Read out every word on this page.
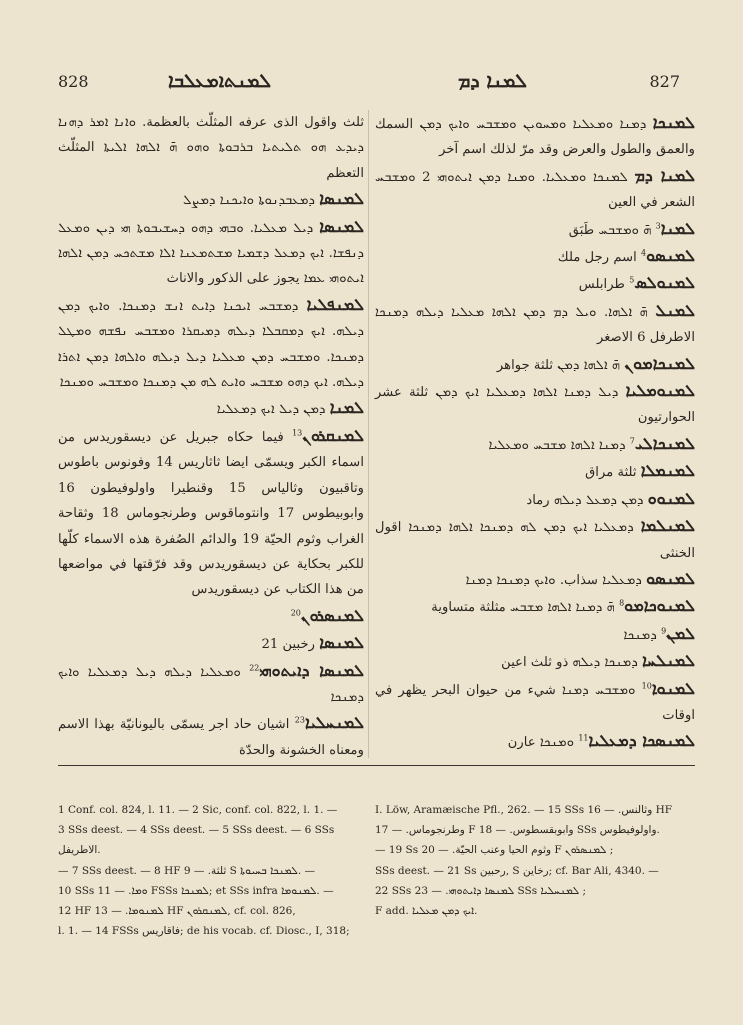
828	ܠܡܢܬܐܡܥܠܒܐ	ܠܡܢܐ ܕܡ	827

ثلث واقول الذى عرفه المثلّث بالعظمة. ܘܐܢܐ ܐܡܪ ܕܗܢܐ ܕܝܕܥ ܗܘ ܬܠܝܬܝܐ ܒܪܒܘܬܐ ܘܗܘ ܗ̄ ܐܠܗܐ ܐܠܝܬܐ المثلّث التعظم

ܠܡܢܣܐ ܕܡܥܒܕܢܘܬܐ ܘܐܝܟܢܐ ܕܡܨܠ

ܠܡܢܣܐ ܕܝܠ ܡܥܠܝܐ. ܘܒܗܝ ܕܗܘ ܕܚܫܝܒܘܬܐ ܗܝ ܕܝܢ ܘܡܥܠ ܕܢܦܫܐ. ܐܝܟ ܕܡܥܠ ܕܫܡܝܐ ܡܫܬܡܥܢܐ ܐܠܐ ܡܫܬܟܚ ܕܡܢ ܐܠܗܐ ܐܝܬܘܗܝ ܥܡܐ يجوز على الذكور والاناث

ܠܡܢܦܠܝܐ ܕܡܫܒܚ ܐܝܟܢܐ ܕܐܝܬ ܐܢܫ ܕܡܢܟܐ. ܘܐܝܟ ܕܡܢ ܕܝܠܗ. ܐܝܟ ܕܡܩܒܠܐ ܕܝܠܗ ܕܡܝܩܪܐ ܘܡܫܒܚ ܢܦܫܗ ܘܡܛܠ ܕܡܢܟܐ. ܘܡܫܒܚ ܕܡܢ ܡܥܠܝܐ ܕܝܠ ܕܝܠܗ ܘܐܠܗܐ ܕܡܢ ܐܬܪܐ ܕܝܠܗ. ܐܝܟ ܕܗܘ ܡܫܒܚ ܘܐܝܬ ܠܗ ܡܢ ܕܡܢܟܐ ܘܡܫܒܚ ܘܡܢܟܐ

ܠܡܢܐ ܕܡܢ ܕܝܠ ܐܝܟ ܕܡܥܠܝܐ

ܠܡܢܩܪܘܢ$^{13}$ فيما حكاه جبريل عن ديسقوريدس من اسماء الكبر ويسمّى ايضا ثاثاريس 14 وفونوس باطوس وتاقبيون وثالياس 15 وقنطيرا واولوفيطون 16 وابوبيطوس 17 وانتوماقوس وطرنجوماس 18 وثقاحة الغراب وثوم الحيّة 19 والدائم الصُفرة هذه الاسماء كلّها للكبر بحكاية عن ديسقوريدس وقد فرّقتها في مواضعها من هذا الكتاب عن ديسقوريدس

ܠܡܢܣܪܘܢ$^{20}$

ܠܡܢܣܐ رخبين 21

ܠܡܢܣܐ ܕܐܝܬܘܗܝ$^{22}$ ܘܡܥܠܝܐ ܕܝܠܗ ܕܝܠ ܕܡܥܠܝܐ ܘܐܝܟ ܕܡܢܟܐ

ܠܡܢܚܠܝܐ$^{23}$ اشيان حاد اجر يسمّى باليونانيّة بهذا الاسم ومعناه الخشونة والحدّة

ܠܡܢܟܐ ܕܡܢܐ ܘܡܥܠܝܐ ܘܡܚܘܝܢ ܘܡܫܒܚ ܘܐܝܟ ܕܡܢ السمك والعمق والطول والعرض وقد مرّ لذلك اسم آخر

ܠܡܢܐ ܕܡ ܠܡܢܟܐ ܘܡܥܠܝܐ. ܘܡܢܐ ܕܡܢ ܐܝܬܘܗܝ 2 ܘܡܫܒܚ الشعر في العين

ܠܡܢܐ$^3$ ܗ̄ ܘܡܫܒܚ طَبَق

ܠܡܢܣܘ$^4$ اسم رجل ملك

ܠܡܢܘܠܣ$^5$ طرابلس

ܠܡܢܠ ܗ̄ ܐܠܗܐ. ܘܝܠ ܕܡ ܕܡܢ ܐܠܗܐ ܡܥܠܝܐ ܕܝܠܗ ܕܡܢܟܐ الاطرفل 6 الاصغر

ܠܡܢܟܐܡܘܢ ܗ̄ ܐܠܗܐ ܕܡܢ ثلثة جواهر

ܠܡܢܘܡܠܝܐ ܕܝܠ ܕܡܢܐ ܐܠܗܐ ܕܡܥܠܝܐ ܐܝܟ ܕܡܢ ثلثة عشر الحوارتيون

ܠܡܢܟܐܠܝ$^7$ ܕܡܢܐ ܐܠܗܐ ܡܫܒܚ ܘܡܥܠܝܐ

ܠܡܢܡܠܐ ثلثة مراق

ܠܡܢܘܘ ܕܡܢ ܕܡܥܠ ܕܝܠܗ رماد

ܠܡܢܠܡܐ ܕܡܥܠܝܐ ܐܝܟ ܕܡܢ ܠܗ ܕܡܢܟܐ ܐܠܗܐ ܕܡܢܟܐ اقول الخنثى

ܠܡܢܣܘ ܕܡܥܠܝܐ سذاب. ܘܐܝܟ ܕܡܢܟܐ ܕܡܢܐ

ܠܡܢܘܟܐܡܘ$^8$ ܗ̄ ܕܡܢܐ ܐܠܗܐ ܡܫܒܚ مثلثة متساوية

ܠܡܢ$^9$ ܕܡܢܟܐ

ܠܡܢܠܚܐ ܕܡܢܟܐ ܕܝܠܗ ذو ثلث اعين

ܠܡܢܘܐ$^{10}$ ܘܡܫܒܚ ܕܡܢܐ شيء من حيوان البحر يظهر في اوقات

ܠܡܢܣܟܐ ܕܡܥܠܝܐ$^{11}$ ܘܡܢܟܐ عارن

1 Conf. col. 824, l. 11. — 2 Sic, conf. col. 822, l. 1. —

3 SSs deest. — 4 SSs deest. — 5 SSs deest. — 6 SSs الاطريفل.

— 7 SSs deest. — 8 HF ثلثة. — 9 S ܠܡܢܟܐ ܒܚܝܘܬܐ. —

10 SSs ܘܡܐ. — 11 FSSs ܠܡܢܟܐ; et SSs infra ܠܡܢܘܡܐ. —

12 HF ܠܡܢܘܡܐ. — 13 HF ܠܡܢܩܪܘܢ, cf. col. 826,

l. 1. — 14 FSSs فاقاريس; de his vocab. cf. Diosc., I, 318;

I. Löw, Aramæische Pfl., 262. — 15 SSs وثالنس. — 16 HF

وطرنجوماس. — 17 F وابوبقسطوس. — 18 SSs واولوفيطوس.

— 19 Ss وثوم الحيا وعنب الحيّة. — 20 F ܠܡܢܣܪܘܢ ;

SSs deest. — 21 Ss رحبين, S رخاين; cf. Bar Ali, 4340. —

22 SSs ܠܡܢܣܐ ܕܐܝܬܘܗܝ. — 23 SSs ܠܡܢܚܠܝܐ ;

F add. ܐܝܟ ܕܡܢ ܡܥܠܝܐ.
